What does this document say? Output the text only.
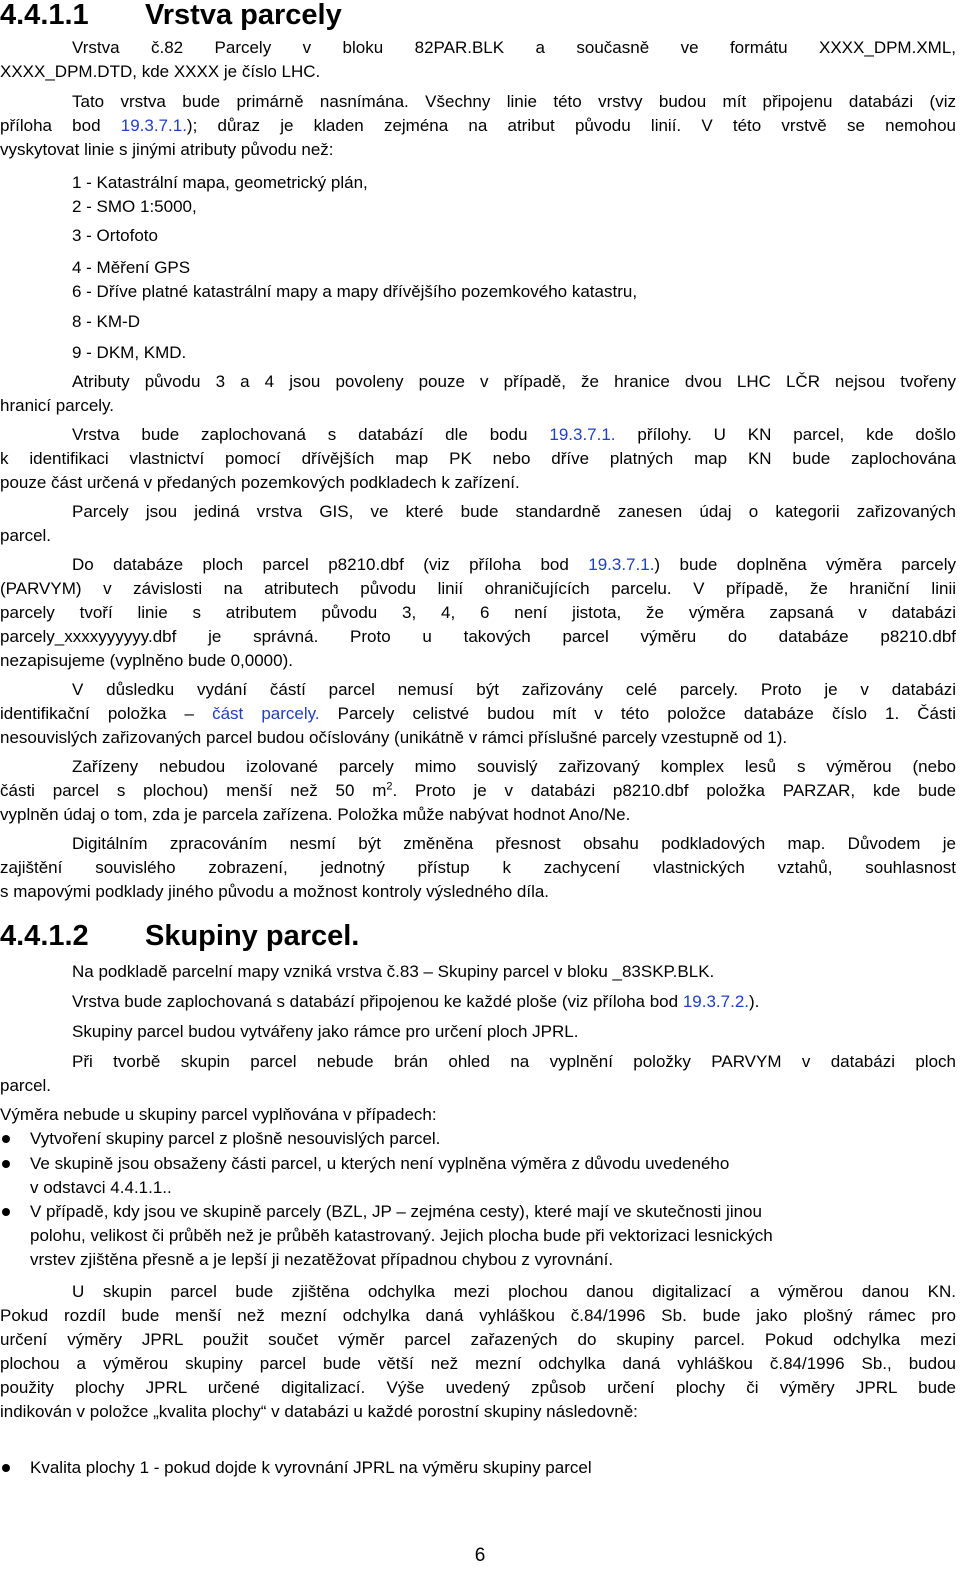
4.4.1.1 Vrstva parcely

Vrstva č.82 Parcely v bloku 82PAR.BLK a současně ve formátu XXXX_DPM.XML,

XXXX_DPM.DTD, kde XXXX je číslo LHC.

Tato vrstva bude primárně nasnímána. Všechny linie této vrstvy budou mít připojenu databázi (viz

příloha bod 19.3.7.1.); důraz je kladen zejména na atribut původu linií. V této vrstvě se nemohou

vyskytovat linie s jinými atributy původu než:

1 - Katastrální mapa, geometrický plán,

2 - SMO 1:5000,

3 - Ortofoto

4 - Měření GPS

6 - Dříve platné katastrální mapy a mapy dřívějšího pozemkového katastru,

8 - KM-D

9 - DKM, KMD.

Atributy původu 3 a 4 jsou povoleny pouze v případě, že hranice dvou LHC LČR nejsou tvořeny

hranicí parcely.

Vrstva bude zaplochovaná s databází dle bodu 19.3.7.1. přílohy. U KN parcel, kde došlo

k identifikaci vlastnictví pomocí dřívějších map PK nebo dříve platných map KN bude zaplochována

pouze část určená v předaných pozemkových podkladech k zařízení.

Parcely jsou jediná vrstva GIS, ve které bude standardně zanesen údaj o kategorii zařizovaných

parcel.

Do databáze ploch parcel p8210.dbf (viz příloha bod 19.3.7.1.) bude doplněna výměra parcely

(PARVYM) v závislosti na atributech původu linií ohraničujících parcelu. V případě, že hraniční linii

parcely tvoří linie s atributem původu 3, 4, 6 není jistota, že výměra zapsaná v databázi

parcely_xxxxyyyyyy.dbf je správná. Proto u takových parcel výměru do databáze p8210.dbf

nezapisujeme (vyplněno bude 0,0000).

V důsledku vydání částí parcel nemusí být zařizovány celé parcely. Proto je v databázi

identifikační položka – část parcely. Parcely celistvé budou mít v této položce databáze číslo 1. Části

nesouvislých zařizovaných parcel budou očíslovány (unikátně v rámci příslušné parcely vzestupně od 1).

Zařízeny nebudou izolované parcely mimo souvislý zařizovaný komplex lesů s výměrou (nebo

části parcel s plochou) menší než 50 $m^2$. Proto je v databázi p8210.dbf položka PARZAR, kde bude

vyplněn údaj o tom, zda je parcela zařízena. Položka může nabývat hodnot Ano/Ne.

Digitálním zpracováním nesmí být změněna přesnost obsahu podkladových map. Důvodem je

zajištění souvislého zobrazení, jednotný přístup k zachycení vlastnických vztahů, souhlasnost

s mapovými podklady jiného původu a možnost kontroly výsledného díla.

4.4.1.2 Skupiny parcel.

Na podkladě parcelní mapy vzniká vrstva č.83 – Skupiny parcel v bloku _83SKP.BLK.

Vrstva bude zaplochovaná s databází připojenou ke každé ploše (viz příloha bod 19.3.7.2.).

Skupiny parcel budou vytvářeny jako rámce pro určení ploch JPRL.

Při tvorbě skupin parcel nebude brán ohled na vyplnění položky PARVYM v databázi ploch

parcel.

Výměra nebude u skupiny parcel vyplňována v případech:

Vytvoření skupiny parcel z plošně nesouvislých parcel.

Ve skupině jsou obsaženy části parcel, u kterých není vyplněna výměra z důvodu uvedeného

v odstavci 4.4.1.1..

V případě, kdy jsou ve skupině parcely (BZL, JP – zejména cesty), které mají ve skutečnosti jinou

polohu, velikost či průběh než je průběh katastrovaný. Jejich plocha bude při vektorizaci lesnických

vrstev zjištěna přesně a je lepší ji nezatěžovat případnou chybou z vyrovnání.

U skupin parcel bude zjištěna odchylka mezi plochou danou digitalizací a výměrou danou KN.

Pokud rozdíl bude menší než mezní odchylka daná vyhláškou č.84/1996 Sb. bude jako plošný rámec pro

určení výměry JPRL použit součet výměr parcel zařazených do skupiny parcel. Pokud odchylka mezi

plochou a výměrou skupiny parcel bude větší než mezní odchylka daná vyhláškou č.84/1996 Sb., budou

použity plochy JPRL určené digitalizací. Výše uvedený způsob určení plochy či výměry JPRL bude

indikován v položce „kvalita plochy“ v databázi u každé porostní skupiny následovně:

Kvalita plochy 1 - pokud dojde k vyrovnání JPRL na výměru skupiny parcel

6
